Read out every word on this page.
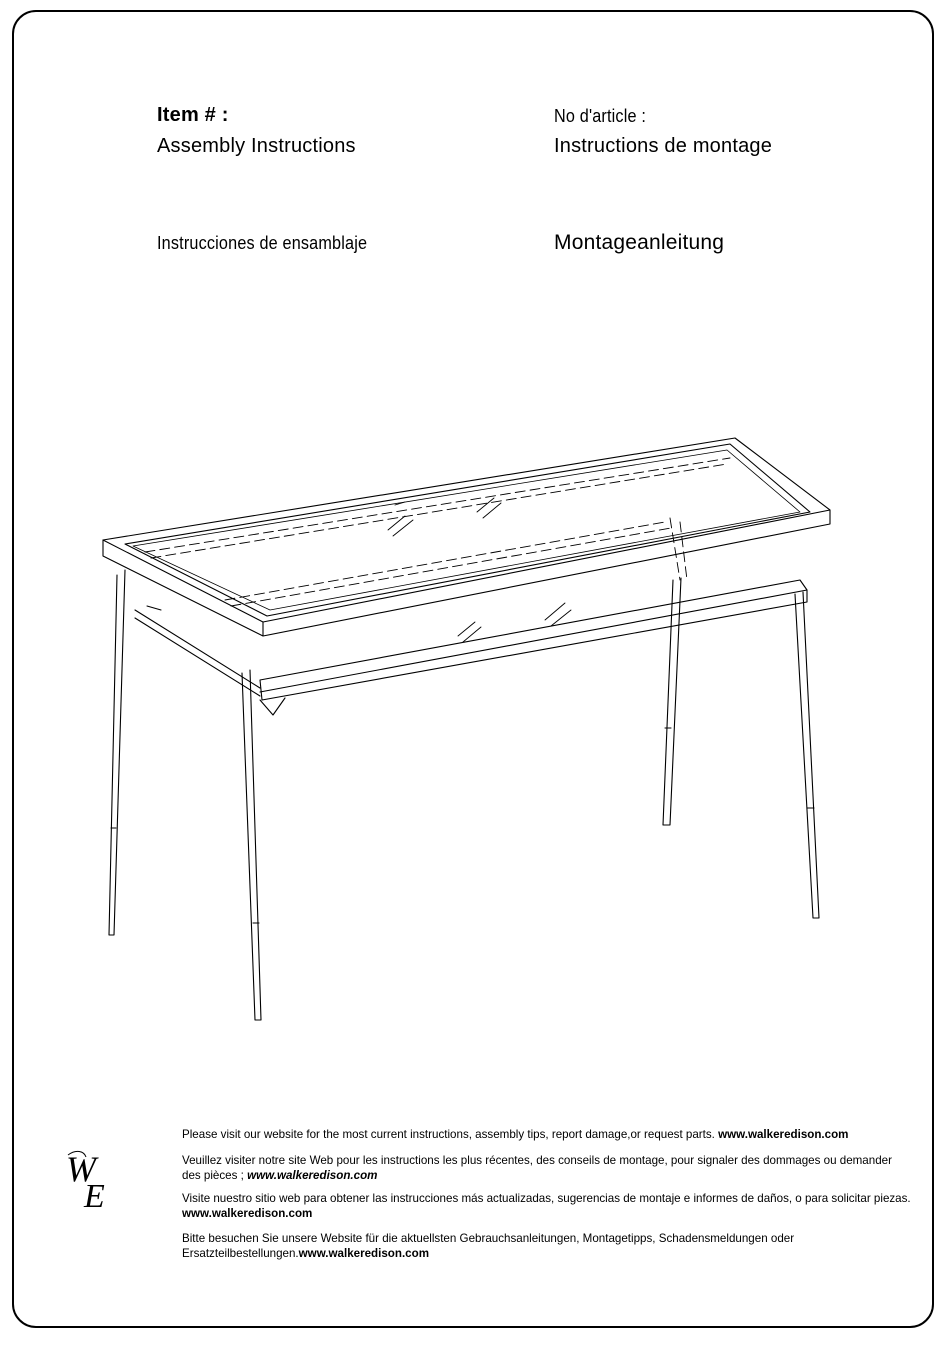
Item # :
Assembly Instructions
No d'article :
Instructions de montage
Instrucciones de ensamblaje	Montageanleitung
W
E
Please visit our website for the most current instructions, assembly tips, report damage,or request parts. www.walkeredison.com
Veuillez visiter notre site Web pour les instructions les plus récentes, des conseils de montage, pour signaler des dommages ou demander des pièces ; www.walkeredison.com
Visite nuestro sitio web para obtener las instrucciones más actualizadas, sugerencias de montaje e informes de daños, o para solicitar piezas. www.walkeredison.com
Bitte besuchen Sie unsere Website für die aktuellsten Gebrauchsanleitungen, Montagetipps, Schadensmeldungen oder Ersatzteilbestellungen.www.walkeredison.com
